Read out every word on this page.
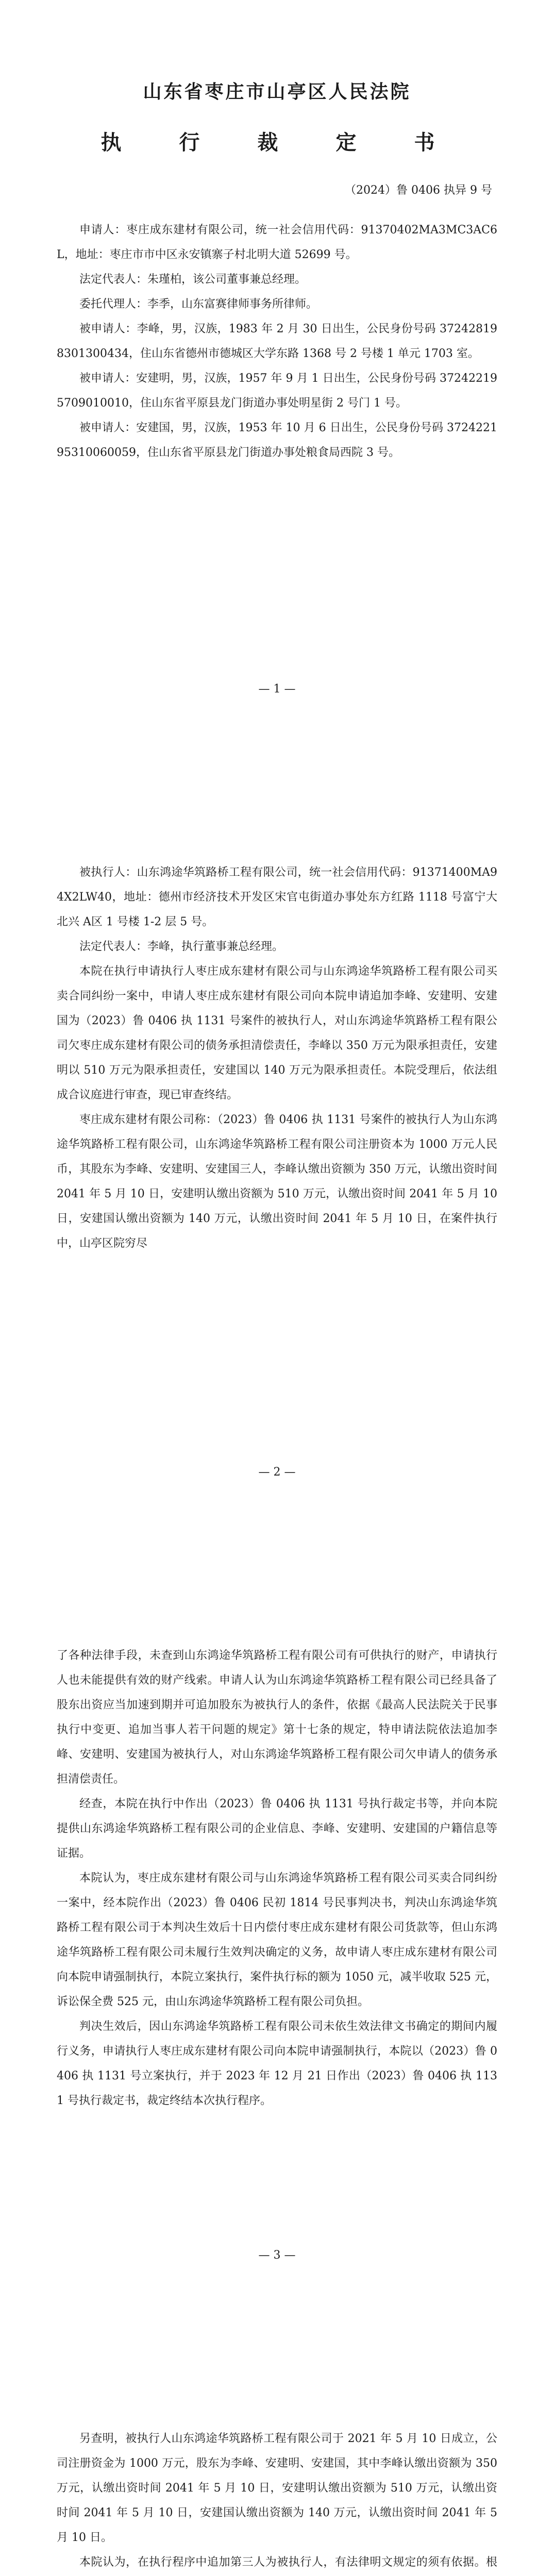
山东省枣庄市山亭区人民法院
执　行　裁　定　书
（2024）鲁 0406 执异 9 号

申请人：枣庄成东建材有限公司，统一社会信用代码：91370402MA3MC3AC6L，地址：枣庄市市中区永安镇寨子村北明大道 52699 号。

法定代表人：朱瑾柏，该公司董事兼总经理。

委托代理人：李季，山东富赛律师事务所律师。

被申请人：李峰，男，汉族，1983 年 2 月 30 日出生，公民身份号码 372428198301300434，住山东省德州市德城区大学东路 1368 号 2 号楼 1 单元 1703 室。

被申请人：安建明，男，汉族，1957 年 9 月 1 日出生，公民身份号码 372422195709010010，住山东省平原县龙门街道办事处明星街 2 号门 1 号。

被申请人：安建国，男，汉族，1953 年 10 月 6 日出生，公民身份号码 372422195310060059，住山东省平原县龙门街道办事处粮食局西院 3 号。

— 1 —

被执行人：山东鸿途华筑路桥工程有限公司，统一社会信用代码：91371400MA94X2LW40，地址：德州市经济技术开发区宋官屯街道办事处东方红路 1118 号富宁大北兴 A区 1 号楼 1-2 层 5 号。

法定代表人：李峰，执行董事兼总经理。

本院在执行申请执行人枣庄成东建材有限公司与山东鸿途华筑路桥工程有限公司买卖合同纠纷一案中，申请人枣庄成东建材有限公司向本院申请追加李峰、安建明、安建国为（2023）鲁 0406 执 1131 号案件的被执行人，对山东鸿途华筑路桥工程有限公司欠枣庄成东建材有限公司的债务承担清偿责任，李峰以 350 万元为限承担责任，安建明以 510 万元为限承担责任，安建国以 140 万元为限承担责任。本院受理后，依法组成合议庭进行审查，现已审查终结。

枣庄成东建材有限公司称：（2023）鲁 0406 执 1131 号案件的被执行人为山东鸿途华筑路桥工程有限公司，山东鸿途华筑路桥工程有限公司注册资本为 1000 万元人民币，其股东为李峰、安建明、安建国三人，李峰认缴出资额为 350 万元，认缴出资时间 2041 年 5 月 10 日，安建明认缴出资额为 510 万元，认缴出资时间 2041 年 5 月 10 日，安建国认缴出资额为 140 万元，认缴出资时间 2041 年 5 月 10 日，在案件执行中，山亭区院穷尽

— 2 —

了各种法律手段，未查到山东鸿途华筑路桥工程有限公司有可供执行的财产，申请执行人也未能提供有效的财产线索。申请人认为山东鸿途华筑路桥工程有限公司已经具备了股东出资应当加速到期并可追加股东为被执行人的条件，依据《最高人民法院关于民事执行中变更、追加当事人若干问题的规定》第十七条的规定，特申请法院依法追加李峰、安建明、安建国为被执行人，对山东鸿途华筑路桥工程有限公司欠申请人的债务承担清偿责任。

经查，本院在执行中作出（2023）鲁 0406 执 1131 号执行裁定书等，并向本院提供山东鸿途华筑路桥工程有限公司的企业信息、李峰、安建明、安建国的户籍信息等证据。

本院认为，枣庄成东建材有限公司与山东鸿途华筑路桥工程有限公司买卖合同纠纷一案中，经本院作出（2023）鲁 0406 民初 1814 号民事判决书，判决山东鸿途华筑路桥工程有限公司于本判决生效后十日内偿付枣庄成东建材有限公司货款等，但山东鸿途华筑路桥工程有限公司未履行生效判决确定的义务，故申请人枣庄成东建材有限公司向本院申请强制执行，本院立案执行，案件执行标的额为 1050 元，减半收取 525 元，诉讼保全费 525 元，由山东鸿途华筑路桥工程有限公司负担。

判决生效后，因山东鸿途华筑路桥工程有限公司未依生效法律文书确定的期间内履行义务，申请执行人枣庄成东建材有限公司向本院申请强制执行，本院以（2023）鲁 0406 执 1131 号立案执行，并于 2023 年 12 月 21 日作出（2023）鲁 0406 执 1131 号执行裁定书，裁定终结本次执行程序。

— 3 —

另查明，被执行人山东鸿途华筑路桥工程有限公司于 2021 年 5 月 10 日成立，公司注册资金为 1000 万元，股东为李峰、安建明、安建国，其中李峰认缴出资额为 350 万元，认缴出资时间 2041 年 5 月 10 日，安建明认缴出资额为 510 万元，认缴出资时间 2041 年 5 月 10 日，安建国认缴出资额为 140 万元，认缴出资时间 2041 年 5 月 10 日。

本院认为，在执行程序中追加第三人为被执行人，有法律明文规定的须有依据。根
